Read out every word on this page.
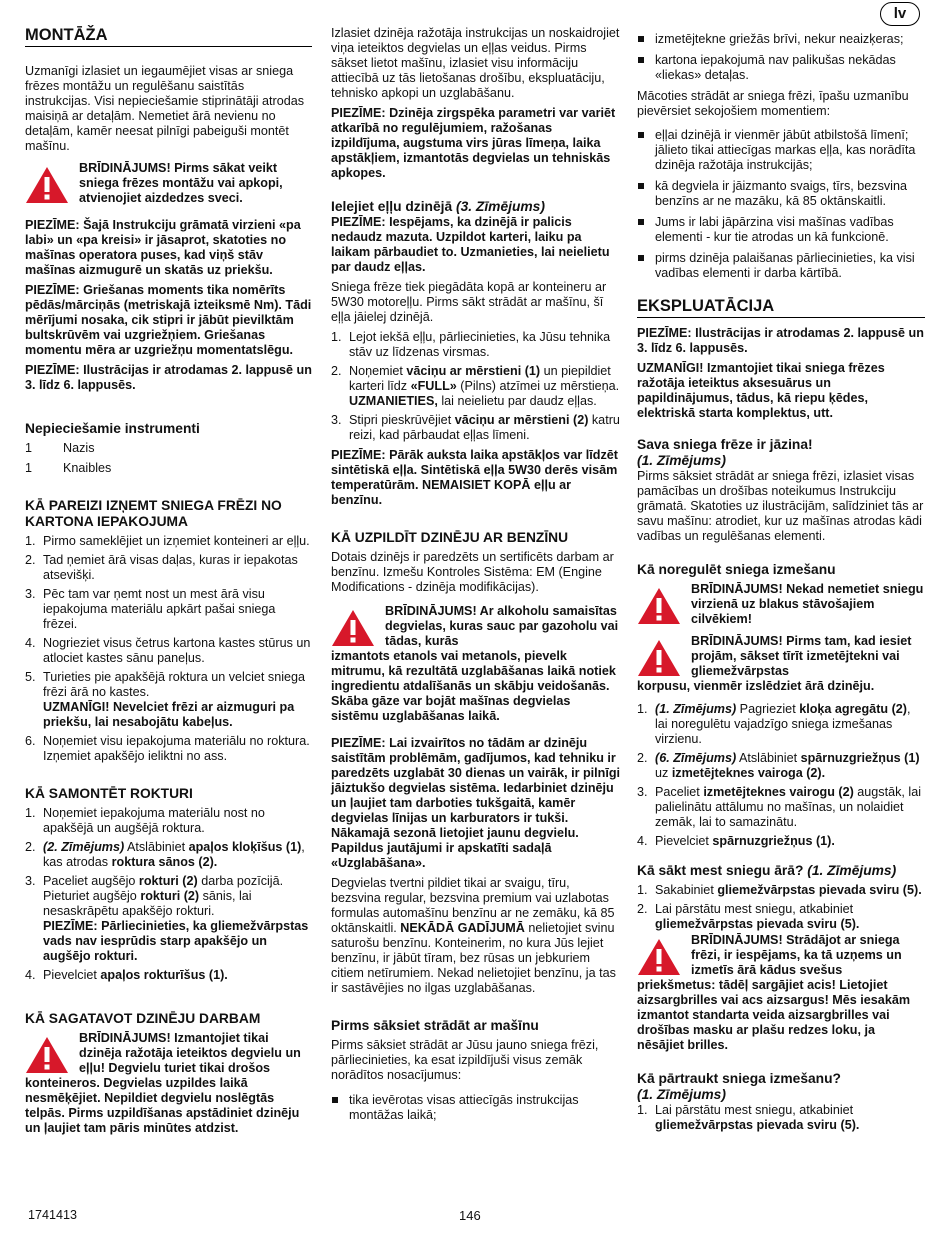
lv
MONTĀŽA

Uzmanīgi izlasiet un iegaumējiet visas ar sniega frēzes montāžu un regulēšanu saistītās instrukcijas. Visi nepieciešamie stiprinātāji atrodas maisiņā ar detaļām. Nemetiet ārā nevienu no detaļām, kamēr neesat pilnīgi pabeiguši montēt mašīnu.

BRĪDINĀJUMS! Pirms sākat veikt sniega frēzes montāžu vai apkopi, atvienojiet aizdedzes sveci.

PIEZĪME: Šajā Instrukciju grāmatā virzieni «pa labi» un «pa kreisi» ir jāsaprot, skatoties no mašīnas operatora puses, kad viņš stāv mašīnas aizmugurē un skatās uz priekšu.

PIEZĪME: Griešanas moments tika nomērīts pēdās/mārciņās (metriskajā izteiksmē Nm). Tādi mērījumi nosaka, cik stipri ir jābūt pievilktām bultskrūvēm vai uzgriežņiem. Griešanas momentu mēra ar uzgriežņu momentatslēgu.

PIEZĪME: Ilustrācijas ir atrodamas 2. lappusē un 3. līdz 6. lappusēs.

Nepieciešamie instrumenti
1	Nazis
1	Knaibles
KĀ PAREIZI IZŅEMT SNIEGA FRĒZI NO KARTONA IEPAKOJUMA
1. Pirmo sameklējiet un izņemiet konteineri ar eļļu.
2. Tad ņemiet ārā visas daļas, kuras ir iepakotas atsevišķi.
3. Pēc tam var ņemt nost un mest ārā visu iepakojuma materiālu apkārt pašai sniega frēzei.
4. Nogrieziet visus četrus kartona kastes stūrus un atlociet kastes sānu paneļus.
5. Turieties pie apakšējā roktura un velciet sniega frēzi ārā no kastes.
UZMANĪGI! Nevelciet frēzi ar aizmuguri pa priekšu, lai nesabojātu kabeļus.
6. Noņemiet visu iepakojuma materiālu no roktura. Izņemiet apakšējo ieliktni no ass.
KĀ SAMONTĒT ROKTURI
1. Noņemiet iepakojuma materiālu nost no apakšējā un augšējā roktura.
2. (2. Zīmējums) Atslābiniet apaļos kloķīšus (1), kas atrodas roktura sānos (2).
3. Paceliet augšējo rokturi (2) darba pozīcijā. Pieturiet augšējo rokturi (2) sānis, lai nesaskrāpētu apakšējo rokturi.
PIEZĪME: Pārliecinieties, ka gliemežvārpstas vads nav iesprūdis starp apakšējo un augšējo rokturi.
4. Pievelciet apaļos rokturīšus (1).
KĀ SAGATAVOT DZINĒJU DARBAM
BRĪDINĀJUMS! Izmantojiet tikai dzinēja ražotāja ieteiktos degvielu un eļļu! Degvielu turiet tikai drošos
konteineros. Degvielas uzpildes laikā nesmēķējiet. Nepildiet degvielu noslēgtās telpās. Pirms uzpildīšanas apstādiniet dzinēju un ļaujiet tam pāris minūtes atdzist.

Izlasiet dzinēja ražotāja instrukcijas un noskaidrojiet viņa ieteiktos degvielas un eļļas veidus. Pirms sākset lietot mašīnu, izlasiet visu informāciju attiecībā uz tās lietošanas drošību, ekspluatāciju, tehnisko apkopi un uzglabāšanu.

PIEZĪME: Dzinēja zirgspēka parametri var variēt atkarībā no regulējumiem, ražošanas izpildījuma, augstuma virs jūras līmeņa, laika apstākļiem, izmantotās degvielas un tehniskās apkopes.

Ielejiet eļļu dzinējā (3. Zīmējums)

PIEZĪME: Iespējams, ka dzinējā ir palicis nedaudz mazuta. Uzpildot karteri, laiku pa laikam pārbaudiet to. Uzmanieties, lai neielietu par daudz eļļas.

Sniega frēze tiek piegādāta kopā ar konteineru ar 5W30 motoreļļu. Pirms sākt strādāt ar mašīnu, šī eļļa jāielej dzinējā.

1. Lejot iekšā eļļu, pārliecinieties, ka Jūsu tehnika stāv uz līdzenas virsmas.
2. Noņemiet vāciņu ar mērstieni (1) un piepildiet karteri līdz «FULL» (Pilns) atzīmei uz mērstieņa. UZMANIETIES, lai neielietu par daudz eļļas.
3. Stipri pieskrūvējiet vāciņu ar mērstieni (2) katru reizi, kad pārbaudat eļļas līmeni.

PIEZĪME: Pārāk auksta laika apstākļos var līdzēt sintētiskā eļļa. Sintētiskā eļļa 5W30 derēs visām temperatūrām. NEMAISIET KOPĀ eļļu ar benzīnu.

KĀ UZPILDĪT DZINĒJU AR BENZĪNU

Dotais dzinējs ir paredzēts un sertificēts darbam ar benzīnu. Izmešu Kontroles Sistēma: EM (Engine Modifications - dzinēja modifikācijas).

BRĪDINĀJUMS! Ar alkoholu samaisītas degvielas, kuras sauc par gazoholu vai tādas, kurās
izmantots etanols vai metanols, pievelk mitrumu, kā rezultātā uzglabāšanas laikā notiek ingredientu atdalīšanās un skābju veidošanās. Skāba gāze var bojāt mašīnas degvielas sistēmu uzglabāšanas laikā.

PIEZĪME: Lai izvairītos no tādām ar dzinēju saistītām problēmām, gadījumos, kad tehniku ir paredzēts uzglabāt 30 dienas un vairāk, ir pilnīgi jāiztukšo degvielas sistēma. Iedarbiniet dzinēju un ļaujiet tam darboties tukšgaitā, kamēr degvielas līnijas un karburators ir tukši. Nākamajā sezonā lietojiet jaunu degvielu. Papildus jautājumi ir apskatīti sadaļā «Uzglabāšana».

Degvielas tvertni pildiet tikai ar svaigu, tīru, bezsvina regular, bezsvina premium vai uzlabotas formulas automašīnu benzīnu ar ne zemāku, kā 85 oktānskaitli. NEKĀDĀ GADĪJUMĀ nelietojiet svinu saturošu benzīnu. Konteinerim, no kura Jūs lejiet benzīnu, ir jābūt tīram, bez rūsas un jebkuriem citiem netīrumiem. Nekad nelietojiet benzīnu, ja tas ir sastāvējies no ilgas uzglabāšanas.

Pirms sāksiet strādāt ar mašīnu

Pirms sāksiet strādāt ar Jūsu jauno sniega frēzi, pārliecinieties, ka esat izpildījuši visus zemāk norādītos nosacījumus:

tika ievērotas visas attiecīgās instrukcijas montāžas laikā;
izmetējtekne griežās brīvi, nekur neaizķeras;
kartona iepakojumā nav palikušas nekādas «liekas» detaļas.

Mācoties strādāt ar sniega frēzi, īpašu uzmanību pievērsiet sekojošiem momentiem:

eļļai dzinējā ir vienmēr jābūt atbilstošā līmenī; jālieto tikai attiecīgas markas eļļa, kas norādīta dzinēja ražotāja instrukcijās;
kā degviela ir jāizmanto svaigs, tīrs, bezsvina benzīns ar ne mazāku, kā 85 oktānskaitli.
Jums ir labi jāpārzina visi mašīnas vadības elementi - kur tie atrodas un kā funkcionē.
pirms dzinēja palaišanas pārliecinieties, ka visi vadības elementi ir darba kārtībā.
EKSPLUATĀCIJA

PIEZĪME: Ilustrācijas ir atrodamas 2. lappusē un 3. līdz 6. lappusēs.

UZMANĪGI! Izmantojiet tikai sniega frēzes ražotāja ieteiktus aksesuārus un papildinājumus, tādus, kā riepu ķēdes, elektriskā starta komplektus, utt.

Sava sniega frēze ir jāzina!
(1. Zīmējums)

Pirms sāksiet strādāt ar sniega frēzi, izlasiet visas pamācības un drošības noteikumus Instrukciju grāmatā. Skatoties uz ilustrācijām, salīdziniet tās ar savu mašīnu: atrodiet, kur uz mašīnas atrodas kādi vadības un regulēšanas elementi.

Kā noregulēt sniega izmešanu
BRĪDINĀJUMS! Nekad nemetiet sniegu virzienā uz blakus stāvošajiem cilvēkiem!
BRĪDINĀJUMS! Pirms tam, kad iesiet projām, sākset tīrīt izmetējtekni vai gliemežvārpstas
korpusu, vienmēr izslēdziet ārā dzinēju.
1. (1. Zīmējums) Pagrieziet kloķa agregātu (2), lai noregulētu vajadzīgo sniega izmešanas virzienu.
2. (6. Zīmējums) Atslābiniet spārnuzgriežņus (1) uz izmetējteknes vairoga (2).
3. Paceliet izmetējteknes vairogu (2) augstāk, lai palielinātu attālumu no mašīnas, un nolaidiet zemāk, lai to samazinātu.
4. Pievelciet spārnuzgriežņus (1).
Kā sākt mest sniegu ārā? (1. Zīmējums)
1. Sakabiniet gliemežvārpstas pievada sviru (5).
2. Lai pārstātu mest sniegu, atkabiniet gliemežvārpstas pievada sviru (5).
BRĪDINĀJUMS! Strādājot ar sniega frēzi, ir iespējams, ka tā uzņems un izmetīs ārā kādus svešus
priekšmetus: tādēļ sargājiet acis! Lietojiet aizsargbrilles vai acs aizsargus! Mēs iesakām izmantot standarta veida aizsargbrilles vai drošības masku ar plašu redzes loku, ja nēsājiet brilles.
Kā pārtraukt sniega izmešanu?
(1. Zīmējums)
1. Lai pārstātu mest sniegu, atkabiniet gliemežvārpstas pievada sviru (5).
1741413	146
